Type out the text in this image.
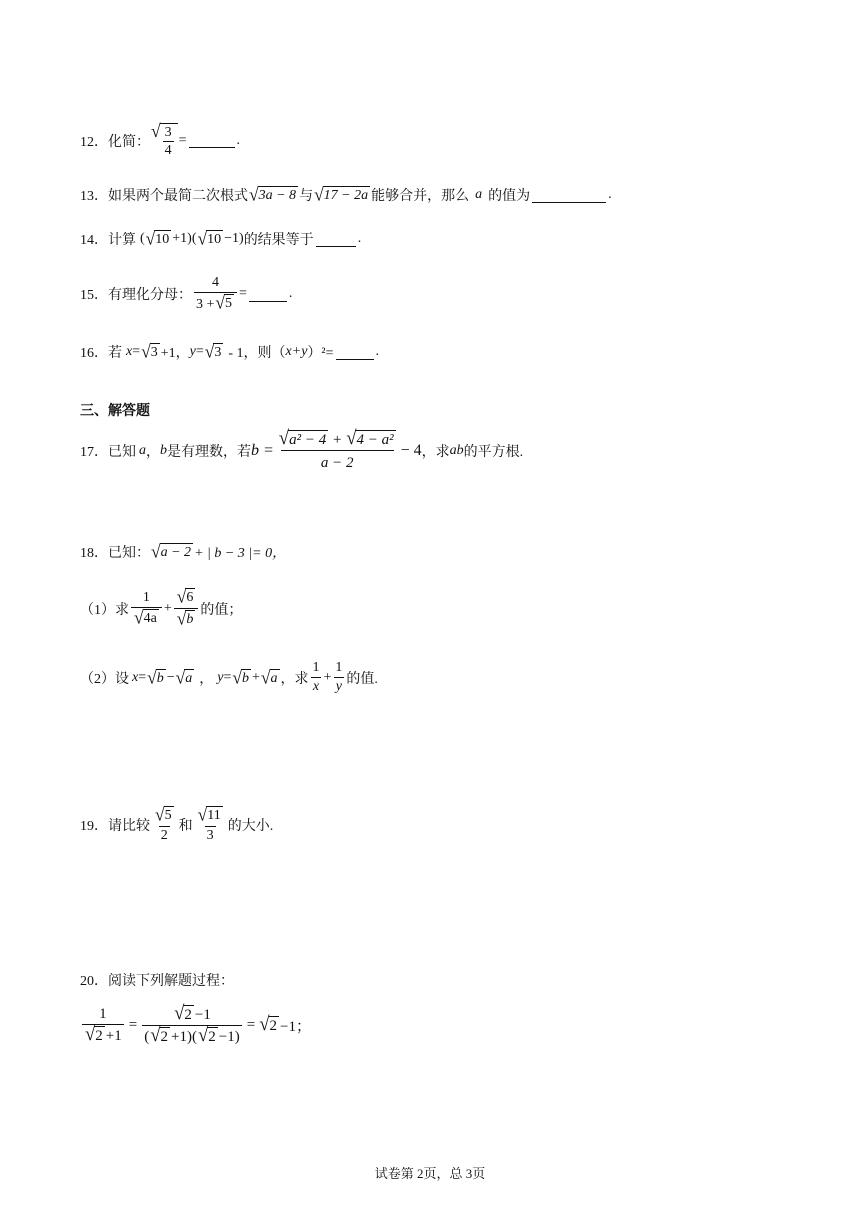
12． 化简：
√ $\frac{3}{4}$ =	.
13． 如果两个最简二次根式 √ 3a − 8 与 √ 17 − 2a 能够合并，那么 a 的值为	.
14． 计算 ( √ 10 +1)( √ 10 −1) 的结果等于	.
15． 有理化分母： $\frac{4}{3 + √ 5}$ =	.
16． 若 x = √ 3 +1， y = √ 3 - 1，则（ x+y ）²=	.
三、解答题
17． 已知 a ， b 是有理数，若 $b = \frac{\text{√ a² − 4 + √ 4 − a²}}{a - 2} - 4$ ，求 ab 的平方根.
18． 已知： √ a − 2 + | b − 3 |= 0，
（1）求 $\frac{1}{√ 4a} + \frac{√ 6}{√ b}$ 的值；
（2）设 x = √ b − √ a ， y = √ b + √ a ，求 $\frac{1}{x} + \frac{1}{y}$ 的值.
19． 请比较 $\frac{√ 5}{2}$ 和 $\frac{√ 11}{3}$ 的大小.
20． 阅读下列解题过程：
$\frac{1}{√ 2 +1} = \frac{√ 2 -1}{( √ 2 +1)( √ 2 -1)}$ = √ 2 −1；
试卷第 2页，总 3页
